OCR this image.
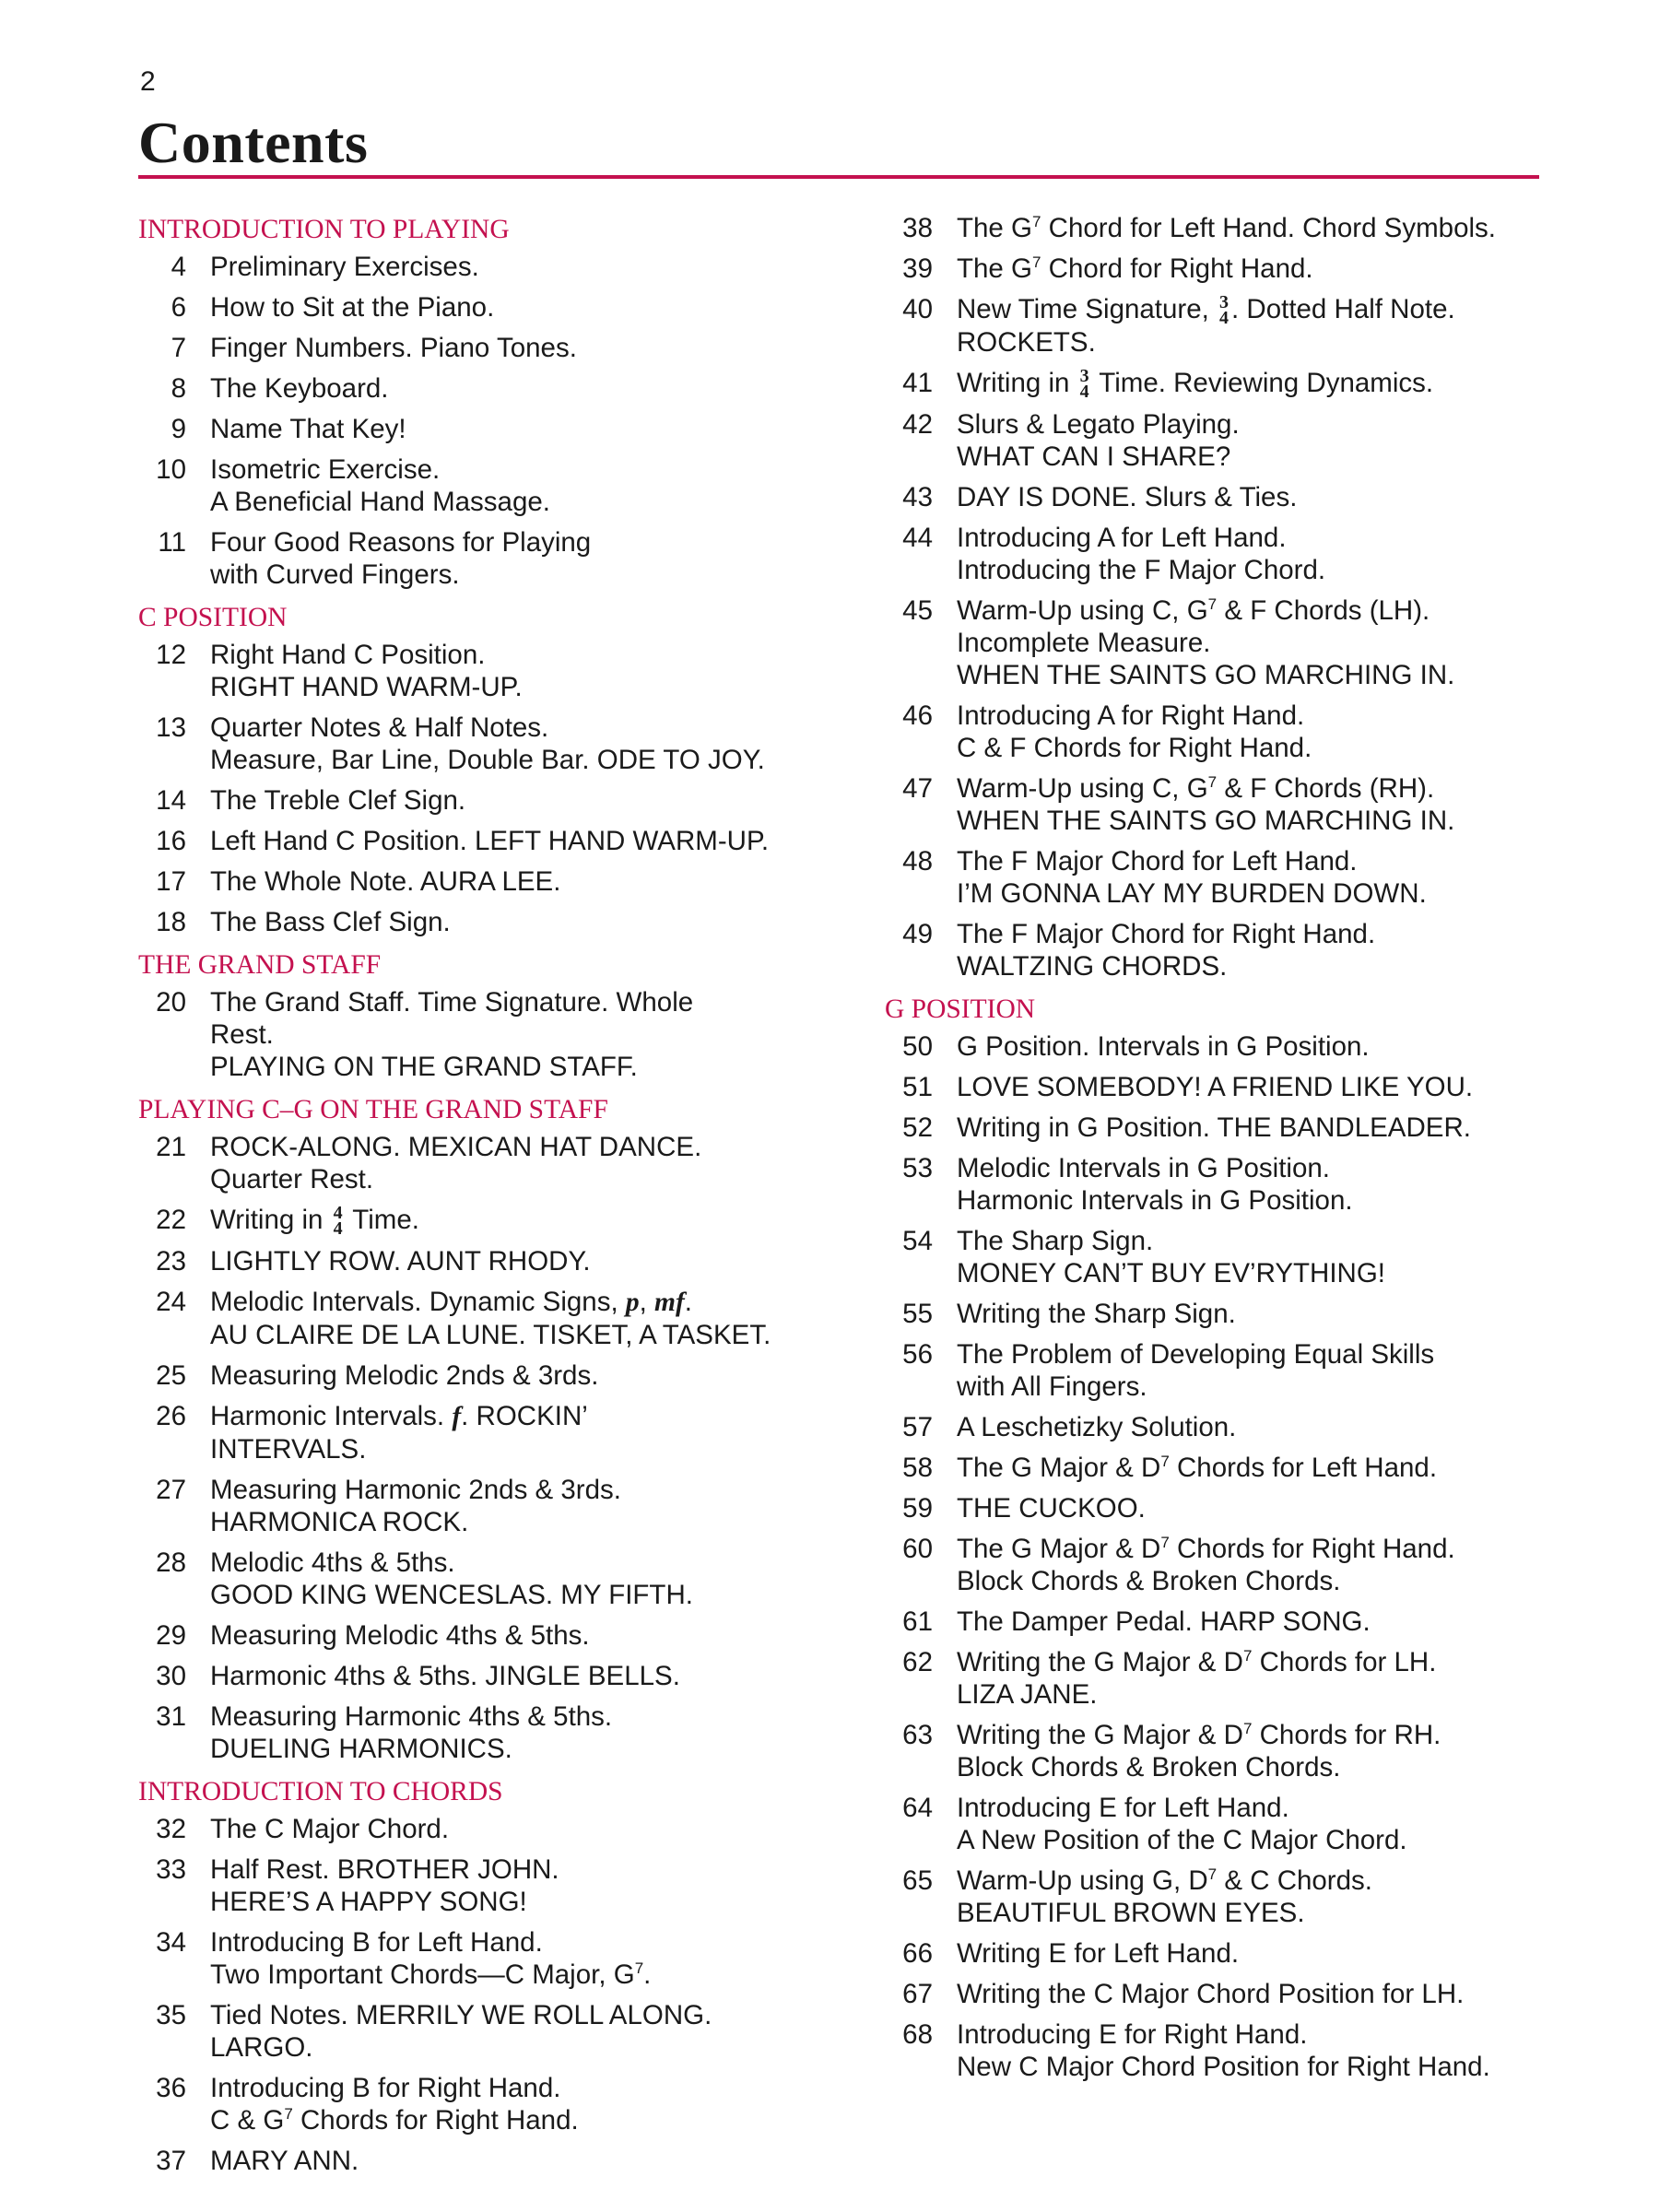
2
Contents
INTRODUCTION TO PLAYING
4 Preliminary Exercises.
6 How to Sit at the Piano.
7 Finger Numbers. Piano Tones.
8 The Keyboard.
9 Name That Key!
10 Isometric Exercise.
A Beneficial Hand Massage.
11 Four Good Reasons for Playing
with Curved Fingers.
C POSITION
12 Right Hand C Position.
RIGHT HAND WARM-UP.
13 Quarter Notes & Half Notes.
Measure, Bar Line, Double Bar. ODE TO JOY.
14 The Treble Clef Sign.
16 Left Hand C Position. LEFT HAND WARM-UP.
17 The Whole Note. AURA LEE.
18 The Bass Clef Sign.
THE GRAND STAFF
20 The Grand Staff. Time Signature. Whole
Rest.
PLAYING ON THE GRAND STAFF.
PLAYING C–G ON THE GRAND STAFF
21 ROCK-ALONG. MEXICAN HAT DANCE.
Quarter Rest.
22 Writing in 4
4 Time.
23 LIGHTLY ROW. AUNT RHODY.
24 Melodic Intervals. Dynamic Signs, p, mf.
AU CLAIRE DE LA LUNE. TISKET, A TASKET.
25 Measuring Melodic 2nds & 3rds.
26 Harmonic Intervals. f. ROCKIN’
INTERVALS.
27 Measuring Harmonic 2nds & 3rds.
HARMONICA ROCK.
28 Melodic 4ths & 5ths.
GOOD KING WENCESLAS. MY FIFTH.
29 Measuring Melodic 4ths & 5ths.
30 Harmonic 4ths & 5ths. JINGLE BELLS.
31 Measuring Harmonic 4ths & 5ths.
DUELING HARMONICS.
INTRODUCTION TO CHORDS
32 The C Major Chord.
33 Half Rest. BROTHER JOHN.
HERE’S A HAPPY SONG!
34 Introducing B for Left Hand.
Two Important Chords—C Major, $G^7$.
35 Tied Notes. MERRILY WE ROLL ALONG.
LARGO.
36 Introducing B for Right Hand.
C & $G^7$ Chords for Right Hand.
37 MARY ANN.
38 The $G^7$ Chord for Left Hand. Chord Symbols.
39 The $G^7$ Chord for Right Hand.
40 New Time Signature, 3
4 . Dotted Half Note.
ROCKETS.
41 Writing in 3
4 Time. Reviewing Dynamics.
42 Slurs & Legato Playing.
WHAT CAN I SHARE?
43 DAY IS DONE. Slurs & Ties.
44 Introducing A for Left Hand.
Introducing the F Major Chord.
45 Warm-Up using C, $G^7$ & F Chords (LH).
Incomplete Measure.
WHEN THE SAINTS GO MARCHING IN.
46 Introducing A for Right Hand.
C & F Chords for Right Hand.
47 Warm-Up using C, $G^7$ & F Chords (RH).
WHEN THE SAINTS GO MARCHING IN.
48 The F Major Chord for Left Hand.
I’M GONNA LAY MY BURDEN DOWN.
49 The F Major Chord for Right Hand.
WALTZING CHORDS.
G POSITION
50 G Position. Intervals in G Position.
51 LOVE SOMEBODY! A FRIEND LIKE YOU.
52 Writing in G Position. THE BANDLEADER.
53 Melodic Intervals in G Position.
Harmonic Intervals in G Position.
54 The Sharp Sign.
MONEY CAN’T BUY EV’RYTHING!
55 Writing the Sharp Sign.
56 The Problem of Developing Equal Skills
with All Fingers.
57 A Leschetizky Solution.
58 The G Major & $D^7$ Chords for Left Hand.
59 THE CUCKOO.
60 The G Major & $D^7$ Chords for Right Hand.
Block Chords & Broken Chords.
61 The Damper Pedal. HARP SONG.
62 Writing the G Major & $D^7$ Chords for LH.
LIZA JANE.
63 Writing the G Major & $D^7$ Chords for RH.
Block Chords & Broken Chords.
64 Introducing E for Left Hand.
A New Position of the C Major Chord.
65 Warm-Up using G, $D^7$ & C Chords.
BEAUTIFUL BROWN EYES.
66 Writing E for Left Hand.
67 Writing the C Major Chord Position for LH.
68 Introducing E for Right Hand.
New C Major Chord Position for Right Hand.
